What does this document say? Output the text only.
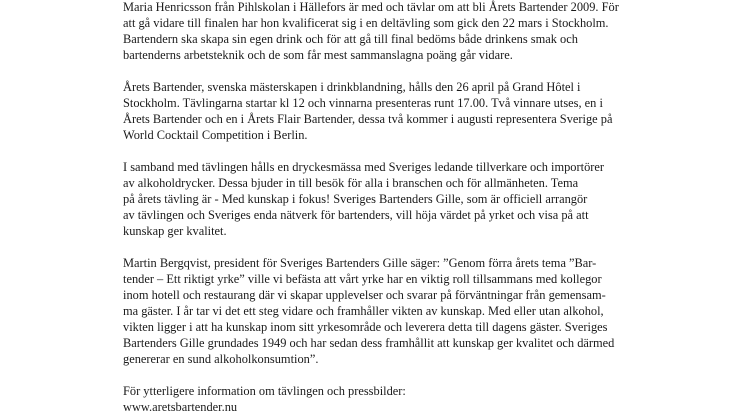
Maria Henricsson från Pihlskolan i Hällefors är med och tävlar om att bli Årets Bartender 2009. För
att gå vidare till finalen har hon kvalificerat sig i en deltävling som gick den 22 mars i Stockholm.
Bartendern ska skapa sin egen drink och för att gå till final bedöms både drinkens smak och
bartenderns arbetsteknik och de som får mest sammanslagna poäng går vidare.

Årets Bartender, svenska mästerskapen i drinkblandning, hålls den 26 april på Grand Hôtel i
Stockholm. Tävlingarna startar kl 12 och vinnarna presenteras runt 17.00. Två vinnare utses, en i
Årets Bartender och en i Årets Flair Bartender, dessa två kommer i augusti representera Sverige på
World Cocktail Competition i Berlin.

I samband med tävlingen hålls en dryckesmässa med Sveriges ledande tillverkare och importörer
av alkoholdrycker. Dessa bjuder in till besök för alla i branschen och för allmänheten. Tema
på årets tävling är - Med kunskap i fokus! Sveriges Bartenders Gille, som är officiell arrangör
av tävlingen och Sveriges enda nätverk för bartenders, vill höja värdet på yrket och visa på att
kunskap ger kvalitet.

Martin Bergqvist, president för Sveriges Bartenders Gille säger: ”Genom förra årets tema ”Bar-
tender – Ett riktigt yrke” ville vi befästa att vårt yrke har en viktig roll tillsammans med kollegor
inom hotell och restaurang där vi skapar upplevelser och svarar på förväntningar från gemensam-
ma gäster. I år tar vi det ett steg vidare och framhåller vikten av kunskap. Med eller utan alkohol,
vikten ligger i att ha kunskap inom sitt yrkesområde och leverera detta till dagens gäster. Sveriges
Bartenders Gille grundades 1949 och har sedan dess framhållit att kunskap ger kvalitet och därmed
genererar en sund alkoholkonsumtion”.

För ytterligere information om tävlingen och pressbilder:
www.aretsbartender.nu
